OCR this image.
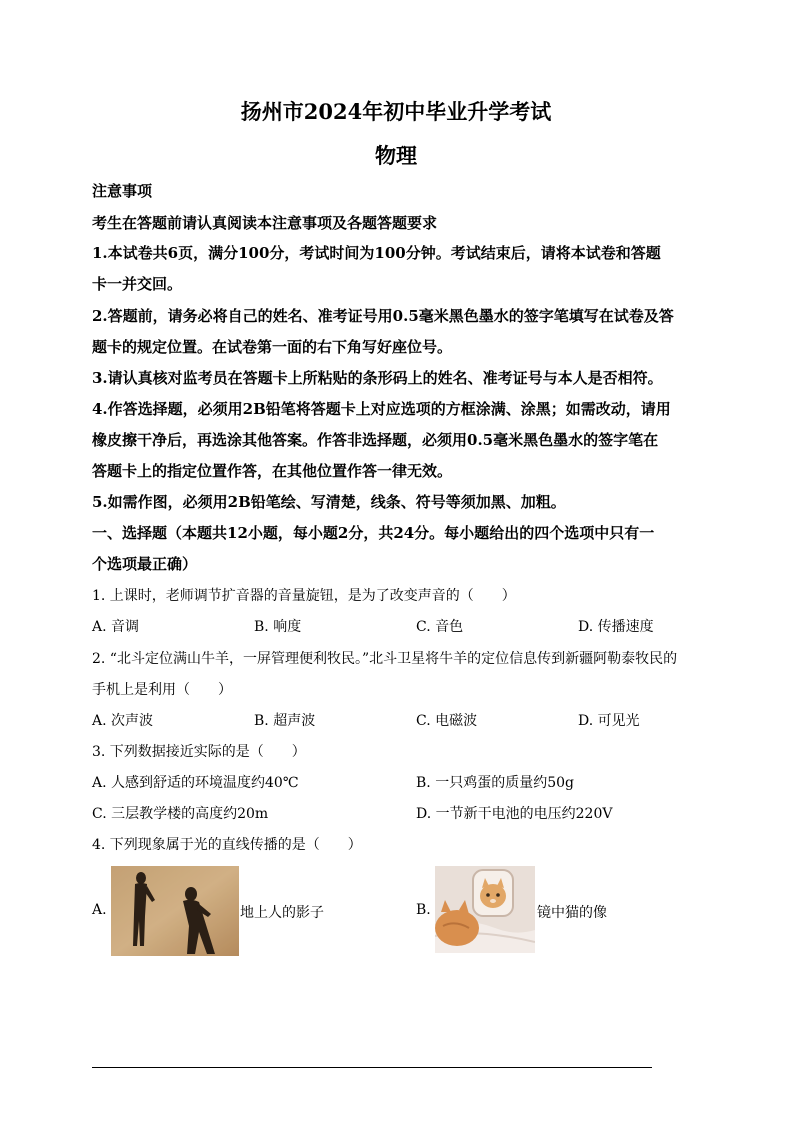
扬州市2024年初中毕业升学考试
物理
注意事项
考生在答题前请认真阅读本注意事项及各题答题要求
1.本试卷共6页，满分100分，考试时间为100分钟。考试结束后，请将本试卷和答题
卡一并交回。
2.答题前，请务必将自己的姓名、准考证号用0.5毫米黑色墨水的签字笔填写在试卷及答
题卡的规定位置。在试卷第一面的右下角写好座位号。
3.请认真核对监考员在答题卡上所粘贴的条形码上的姓名、准考证号与本人是否相符。
4.作答选择题，必须用2B铅笔将答题卡上对应选项的方框涂满、涂黑；如需改动，请用
橡皮擦干净后，再选涂其他答案。作答非选择题，必须用0.5毫米黑色墨水的签字笔在
答题卡上的指定位置作答，在其他位置作答一律无效。
5.如需作图，必须用2B铅笔绘、写清楚，线条、符号等须加黑、加粗。
一、选择题（本题共12小题，每小题2分，共24分。每小题给出的四个选项中只有一
个选项最正确）
1. 上课时，老师调节扩音器的音量旋钮，是为了改变声音的（　　）
A. 音调	B. 响度	C. 音色	D. 传播速度
2. “北斗定位满山牛羊，一屏管理便利牧民。”北斗卫星将牛羊的定位信息传到新疆阿勒泰牧民的
手机上是利用（　　）
A. 次声波	B. 超声波	C. 电磁波	D. 可见光
3. 下列数据接近实际的是（　　）
A. 人感到舒适的环境温度约40℃	B. 一只鸡蛋的质量约50g
C. 三层教学楼的高度约20m	D. 一节新干电池的电压约220V
4. 下列现象属于光的直线传播的是（　　）
A.	地上人的影子	B.	镜中猫的像
